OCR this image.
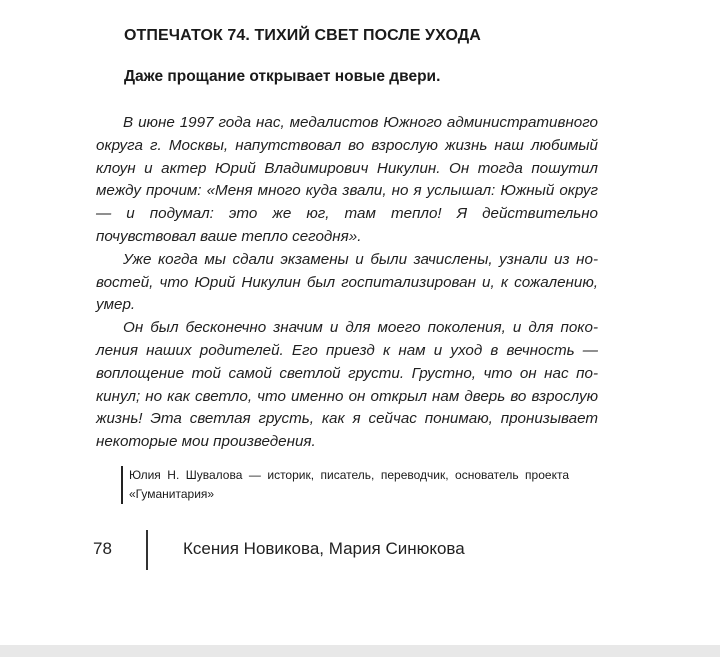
ОТПЕЧАТОК 74. ТИХИЙ СВЕТ ПОСЛЕ УХОДА
Даже прощание открывает новые двери.

В июне 1997 года нас, медалистов Южного административного округа г. Москвы, напутствовал во взрослую жизнь наш любимый клоун и актер Юрий Владимирович Никулин. Он тогда пошутил между прочим: «Меня много куда звали, но я услышал: Южный округ — и подумал: это же юг, там тепло! Я действительно почувствовал ваше тепло сегодня».

Уже когда мы сдали экзамены и были зачислены, узнали из новостей, что Юрий Никулин был госпитализирован и, к сожалению, умер.

Он был бесконечно значим и для моего поколения, и для поколения наших родителей. Его приезд к нам и уход в вечность — воплощение той самой светлой грусти. Грустно, что он нас покинул; но как светло, что именно он открыл нам дверь во взрослую жизнь! Эта светлая грусть, как я сейчас понимаю, пронизывает некоторые мои произведения.

Юлия Н. Шувалова — историк, писатель, переводчик, основатель проекта «Гуманитария»
78	Ксения Новикова, Мария Синюкова
